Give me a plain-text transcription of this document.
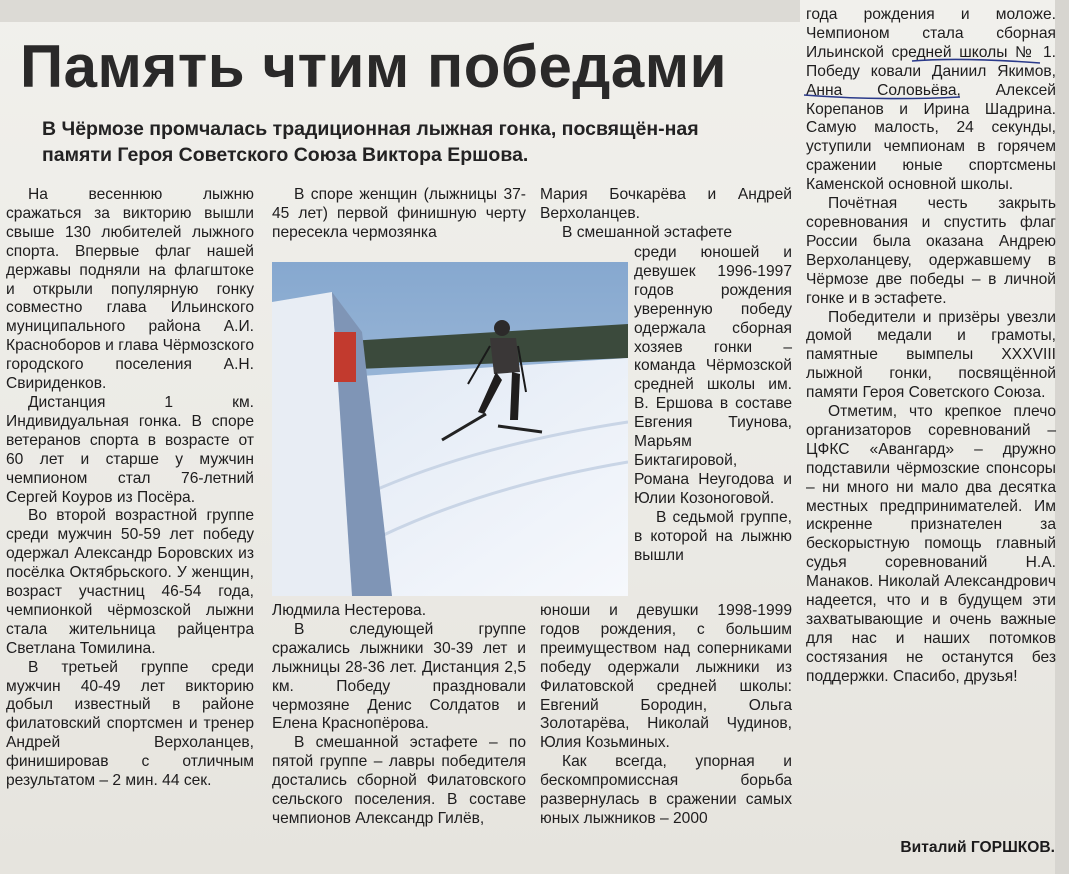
Память чтим победами
В Чёрмозе промчалась традиционная лыжная гонка, посвящён-ная памяти Героя Советского Союза Виктора Ершова.

На весеннюю лыжню сражаться за викторию вышли свыше 130 любителей лыжного спорта. Впервые флаг нашей державы подняли на флагштоке и открыли популярную гонку совместно глава Ильинского муниципального района А.И. Красноборов и глава Чёрмозского городского поселения А.Н. Свириденков.

Дистанция 1 км. Индивидуальная гонка. В споре ветеранов спорта в возрасте от 60 лет и старше у мужчин чемпионом стал 76-летний Сергей Коуров из Посёра.

Во второй возрастной группе среди мужчин 50-59 лет победу одержал Александр Боровских из посёлка Октябрьского. У женщин, возраст участниц 46-54 года, чемпионкой чёрмозской лыжни стала жительница райцентра Светлана Томилина.

В третьей группе среди мужчин 40-49 лет викторию добыл известный в районе филатовский спортсмен и тренер Андрей Верхоланцев, финишировав с отличным результатом – 2 мин. 44 сек.

В споре женщин (лыжницы 37-45 лет) первой финишную черту пересекла чермозянка

Людмила Нестерова.

В следующей группе сражались лыжники 30-39 лет и лыжницы 28-36 лет. Дистанция 2,5 км. Победу праздновали чермозяне Денис Солдатов и Елена Краснопёрова.

В смешанной эстафете – по пятой группе – лавры победителя достались сборной Филатовского сельского поселения. В составе чемпионов Александр Гилёв,

Мария Бочкарёва и Андрей Верхоланцев.

В смешанной эстафете

среди юношей и девушек 1996-1997 годов рождения уверенную победу одержала сборная хозяев гонки – команда Чёрмозской средней школы им. В. Ершова в составе Евгения Тиунова, Марьям Биктагировой, Романа Неугодова и Юлии Козоноговой.

В седьмой группе, в которой на лыжню вышли

юноши и девушки 1998-1999 годов рождения, с большим преимуществом над соперниками победу одержали лыжники из Филатовской средней школы: Евгений Бородин, Ольга Золотарёва, Николай Чудинов, Юлия Козьминых.

Как всегда, упорная и бескомпромиссная борьба развернулась в сражении самых юных лыжников – 2000

года рождения и моложе. Чемпионом стала сборная Ильинской средней школы № 1. Победу ковали Даниил Якимов, Анна Соловьёва, Алексей Корепанов и Ирина Шадрина. Самую малость, 24 секунды, уступили чемпионам в горячем сражении юные спортсмены Каменской основной школы.

Почётная честь закрыть соревнования и спустить флаг России была оказана Андрею Верхоланцеву, одержавшему в Чёрмозе две победы – в личной гонке и в эстафете.

Победители и призёры увезли домой медали и грамоты, памятные вымпелы XXXVIII лыжной гонки, посвящённой памяти Героя Советского Союза.

Отметим, что крепкое плечо организаторов соревнований – ЦФКС «Авангард» – дружно подставили чёрмозские спонсоры – ни много ни мало два десятка местных предпринимателей. Им искренне признателен за бескорыстную помощь главный судья соревнований Н.А. Манаков. Николай Александрович надеется, что и в будущем эти захватывающие и очень важные для нас и наших потомков состязания не останутся без поддержки. Спасибо, друзья!

Виталий ГОРШКОВ.
